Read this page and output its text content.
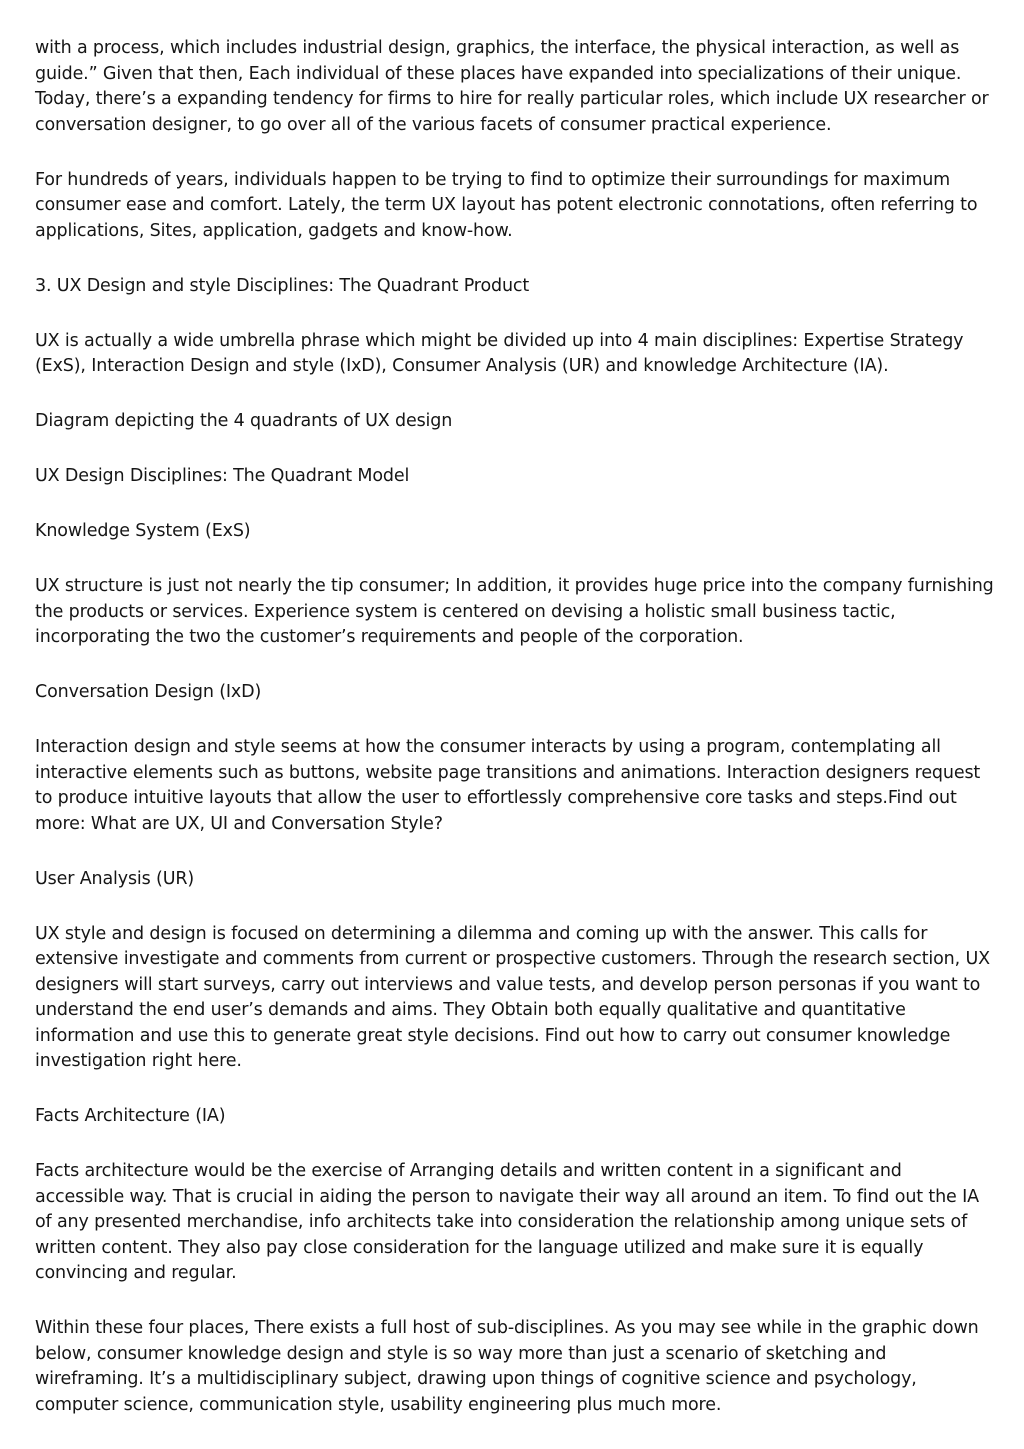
with a process, which includes industrial design, graphics, the interface, the physical interaction, as well as guide.” Given that then, Each individual of these places have expanded into specializations of their unique. Today, there’s a expanding tendency for firms to hire for really particular roles, which include UX researcher or conversation designer, to go over all of the various facets of consumer practical experience.

For hundreds of years, individuals happen to be trying to find to optimize their surroundings for maximum consumer ease and comfort. Lately, the term UX layout has potent electronic connotations, often referring to applications, Sites, application, gadgets and know-how.

3. UX Design and style Disciplines: The Quadrant Product

UX is actually a wide umbrella phrase which might be divided up into 4 main disciplines: Expertise Strategy (ExS), Interaction Design and style (IxD), Consumer Analysis (UR) and knowledge Architecture (IA).

Diagram depicting the 4 quadrants of UX design

UX Design Disciplines: The Quadrant Model

Knowledge System (ExS)

UX structure is just not nearly the tip consumer; In addition, it provides huge price into the company furnishing the products or services. Experience system is centered on devising a holistic small business tactic, incorporating the two the customer’s requirements and people of the corporation.

Conversation Design (IxD)

Interaction design and style seems at how the consumer interacts by using a program, contemplating all interactive elements such as buttons, website page transitions and animations. Interaction designers request to produce intuitive layouts that allow the user to effortlessly comprehensive core tasks and steps.Find out more: What are UX, UI and Conversation Style?

User Analysis (UR)

UX style and design is focused on determining a dilemma and coming up with the answer. This calls for extensive investigate and comments from current or prospective customers. Through the research section, UX designers will start surveys, carry out interviews and value tests, and develop person personas if you want to understand the end user’s demands and aims. They Obtain both equally qualitative and quantitative information and use this to generate great style decisions. Find out how to carry out consumer knowledge investigation right here.

Facts Architecture (IA)

Facts architecture would be the exercise of Arranging details and written content in a significant and accessible way. That is crucial in aiding the person to navigate their way all around an item. To find out the IA of any presented merchandise, info architects take into consideration the relationship among unique sets of written content. They also pay close consideration for the language utilized and make sure it is equally convincing and regular.

Within these four places, There exists a full host of sub-disciplines. As you may see while in the graphic down below, consumer knowledge design and style is so way more than just a scenario of sketching and wireframing. It’s a multidisciplinary subject, drawing upon things of cognitive science and psychology, computer science, communication style, usability engineering plus much more.
